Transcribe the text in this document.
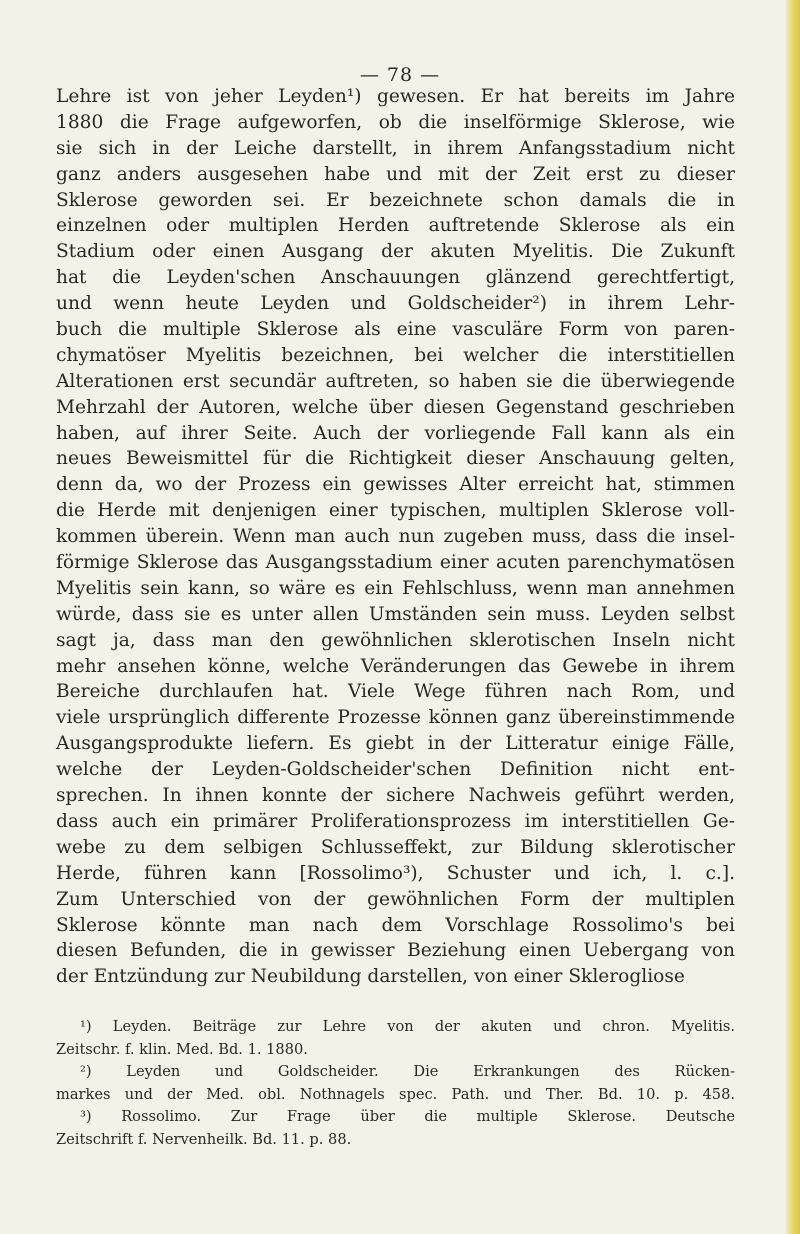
— 78 —
Lehre ist von jeher Leyden¹) gewesen. Er hat bereits im Jahre
1880 die Frage aufgeworfen, ob die inselförmige Sklerose, wie
sie sich in der Leiche darstellt, in ihrem Anfangsstadium nicht
ganz anders ausgesehen habe und mit der Zeit erst zu dieser
Sklerose geworden sei. Er bezeichnete schon damals die in
einzelnen oder multiplen Herden auftretende Sklerose als ein
Stadium oder einen Ausgang der akuten Myelitis. Die Zukunft
hat die Leyden'schen Anschauungen glänzend gerechtfertigt,
und wenn heute Leyden und Goldscheider²) in ihrem Lehr-
buch die multiple Sklerose als eine vasculäre Form von paren-
chymatöser Myelitis bezeichnen, bei welcher die interstitiellen
Alterationen erst secundär auftreten, so haben sie die überwiegende
Mehrzahl der Autoren, welche über diesen Gegenstand geschrieben
haben, auf ihrer Seite. Auch der vorliegende Fall kann als ein
neues Beweismittel für die Richtigkeit dieser Anschauung gelten,
denn da, wo der Prozess ein gewisses Alter erreicht hat, stimmen
die Herde mit denjenigen einer typischen, multiplen Sklerose voll-
kommen überein. Wenn man auch nun zugeben muss, dass die insel-
förmige Sklerose das Ausgangsstadium einer acuten parenchymatösen
Myelitis sein kann, so wäre es ein Fehlschluss, wenn man annehmen
würde, dass sie es unter allen Umständen sein muss. Leyden selbst
sagt ja, dass man den gewöhnlichen sklerotischen Inseln nicht
mehr ansehen könne, welche Veränderungen das Gewebe in ihrem
Bereiche durchlaufen hat. Viele Wege führen nach Rom, und
viele ursprünglich differente Prozesse können ganz übereinstimmende
Ausgangsprodukte liefern. Es giebt in der Litteratur einige Fälle,
welche der Leyden-Goldscheider'schen Definition nicht ent-
sprechen. In ihnen konnte der sichere Nachweis geführt werden,
dass auch ein primärer Proliferationsprozess im interstitiellen Ge-
webe zu dem selbigen Schlusseffekt, zur Bildung sklerotischer
Herde, führen kann [Rossolimo³), Schuster und ich, l. c.].
Zum Unterschied von der gewöhnlichen Form der multiplen
Sklerose könnte man nach dem Vorschlage Rossolimo's bei
diesen Befunden, die in gewisser Beziehung einen Uebergang von
der Entzündung zur Neubildung darstellen, von einer Sklerogliose
¹) Leyden. Beiträge zur Lehre von der akuten und chron. Myelitis.
Zeitschr. f. klin. Med. Bd. 1. 1880.
²) Leyden und Goldscheider. Die Erkrankungen des Rücken-
markes und der Med. obl. Nothnagels spec. Path. und Ther. Bd. 10. p. 458.
³) Rossolimo. Zur Frage über die multiple Sklerose. Deutsche
Zeitschrift f. Nervenheilk. Bd. 11. p. 88.
